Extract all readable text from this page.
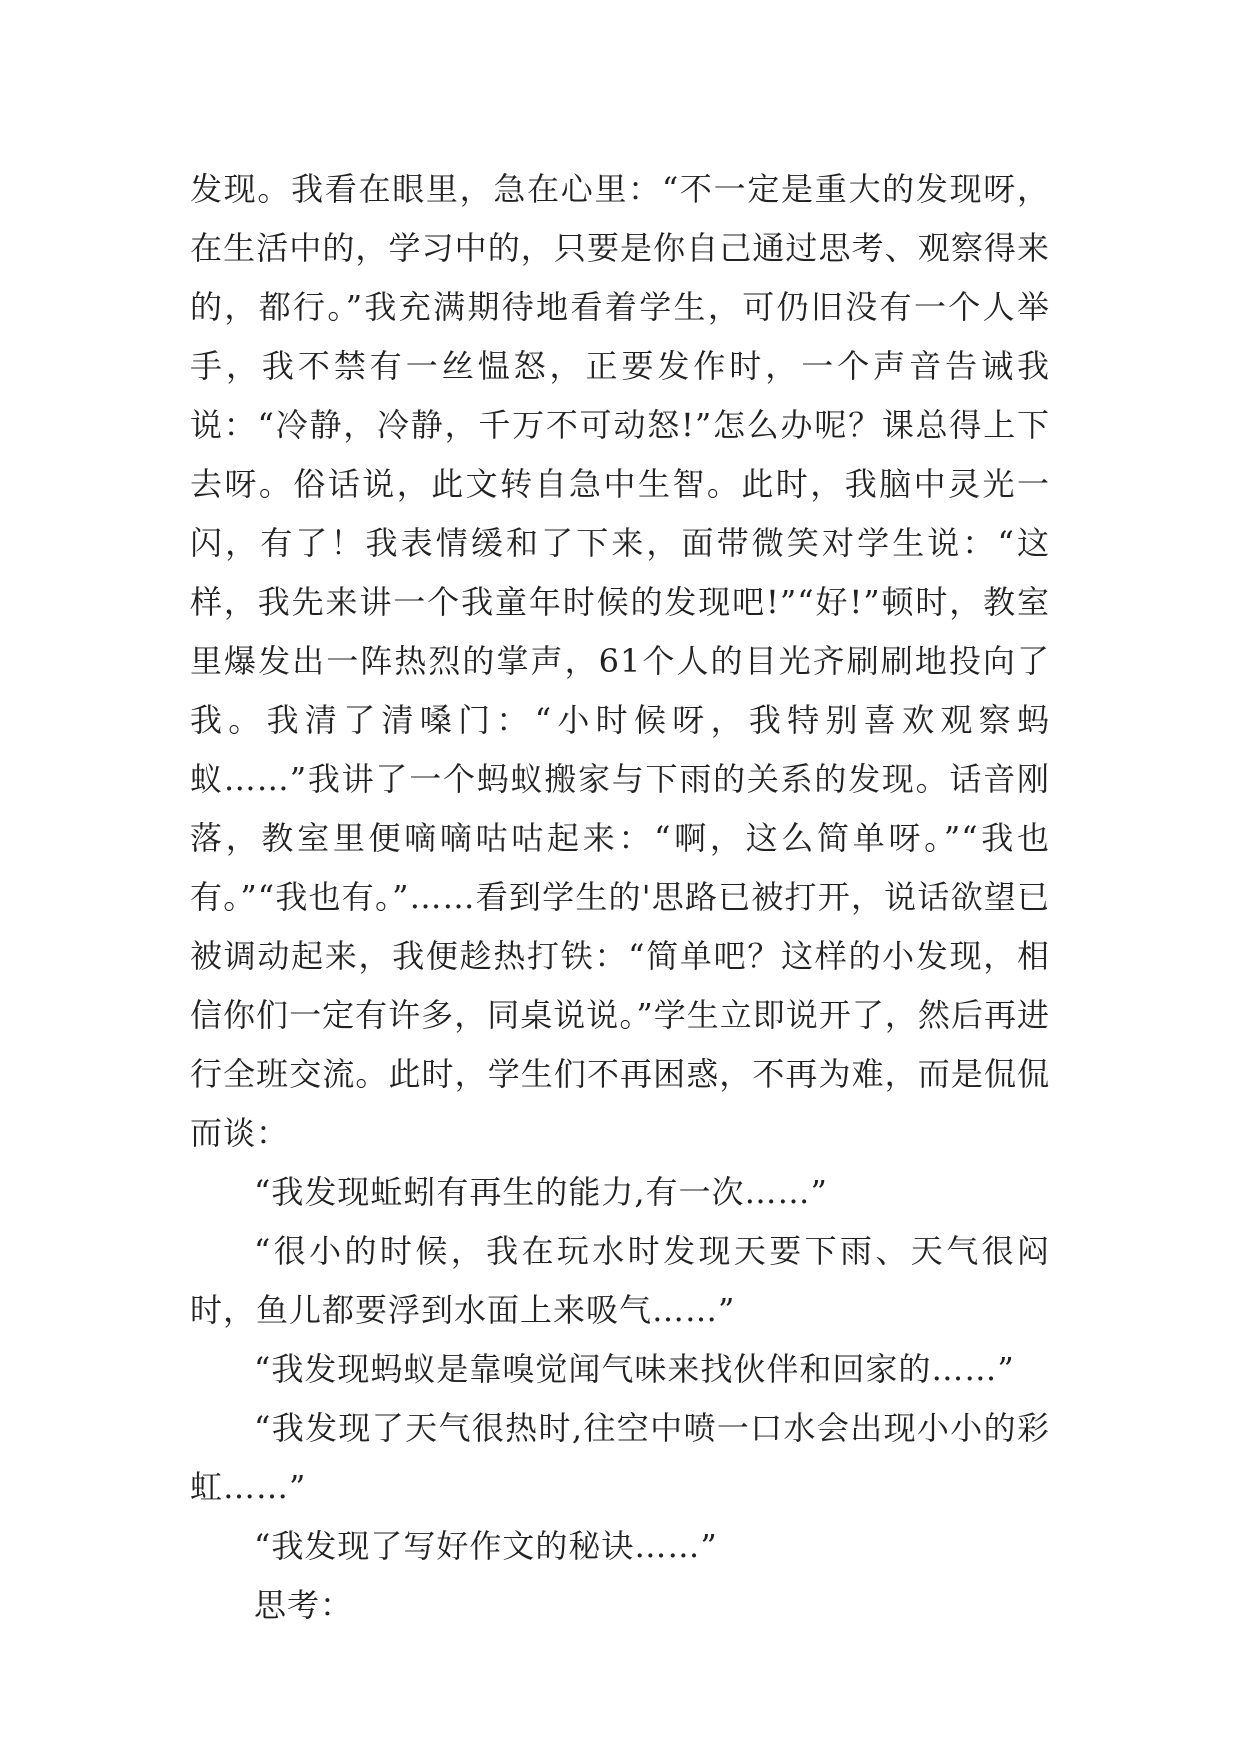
发现。我看在眼里，急在心里：“不一定是重大的发现呀，在生活中的，学习中的，只要是你自己通过思考、观察得来的，都行。”我充满期待地看着学生，可仍旧没有一个人举手，我不禁有一丝愠怒，正要发作时，一个声音告诫我说：“冷静，冷静，千万不可动怒!”怎么办呢？课总得上下去呀。俗话说，此文转自急中生智。此时，我脑中灵光一闪，有了！我表情缓和了下来，面带微笑对学生说：“这样，我先来讲一个我童年时候的发现吧!”“好!”顿时，教室里爆发出一阵热烈的掌声，61个人的目光齐刷刷地投向了我。我清了清嗓门：“小时候呀，我特别喜欢观察蚂蚁……”我讲了一个蚂蚁搬家与下雨的关系的发现。话音刚落，教室里便嘀嘀咕咕起来：“啊，这么简单呀。”“我也有。”“我也有。”……看到学生的'思路已被打开，说话欲望已被调动起来，我便趁热打铁：“简单吧？这样的小发现，相信你们一定有许多，同桌说说。”学生立即说开了，然后再进行全班交流。此时，学生们不再困惑，不再为难，而是侃侃而谈：

“我发现蚯蚓有再生的能力,有一次……”

“很小的时候，我在玩水时发现天要下雨、天气很闷时，鱼儿都要浮到水面上来吸气……”

“我发现蚂蚁是靠嗅觉闻气味来找伙伴和回家的……”

“我发现了天气很热时,往空中喷一口水会出现小小的彩虹……”

“我发现了写好作文的秘诀……”

思考：
